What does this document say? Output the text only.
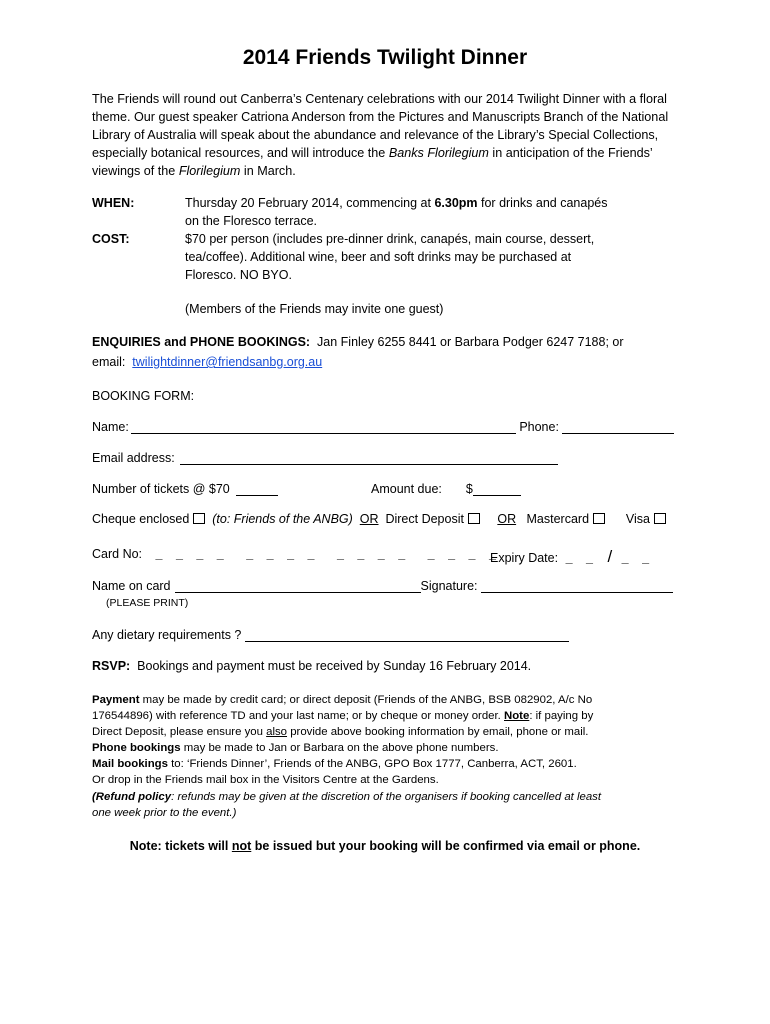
2014 Friends Twilight Dinner
The Friends will round out Canberra’s Centenary celebrations with our 2014 Twilight Dinner with a floral theme. Our guest speaker Catriona Anderson from the Pictures and Manuscripts Branch of the National Library of Australia will speak about the abundance and relevance of the Library’s Special Collections, especially botanical resources, and will introduce the Banks Florilegium in anticipation of the Friends’ viewings of the Florilegium in March.
WHEN:	Thursday 20 February 2014, commencing at 6.30pm for drinks and canapés
on the Floresco terrace.
COST:	$70 per person (includes pre-dinner drink, canapés, main course, dessert,
tea/coffee). Additional wine, beer and soft drinks may be purchased at
Floresco. NO BYO.
(Members of the Friends may invite one guest)
ENQUIRIES and PHONE BOOKINGS: Jan Finley 6255 8441 or Barbara Podger 6247 7188; or
email: twilightdinner@friendsanbg.org.au
BOOKING FORM:
Name:	Phone:
Email address:
Number of tickets @ $70	Amount due: $
Cheque enclosed (to: Friends of the ANBG) OR Direct Deposit	OR Mastercard	Visa
Card No: _ _ _ _ _ _ _ _ _ _ _ _ _ _ _ _
Expiry Date: _ _ / _ _
Name on card	Signature:
(PLEASE PRINT)
Any dietary requirements ?
RSVP: Bookings and payment must be received by Sunday 16 February 2014.
Payment may be made by credit card; or direct deposit (Friends of the ANBG, BSB 082902, A/c No
176544896) with reference TD and your last name; or by cheque or money order. Note: if paying by
Direct Deposit, please ensure you also provide above booking information by email, phone or mail.
Phone bookings may be made to Jan or Barbara on the above phone numbers.
Mail bookings to: ‘Friends Dinner’, Friends of the ANBG, GPO Box 1777, Canberra, ACT, 2601.
Or drop in the Friends mail box in the Visitors Centre at the Gardens.
(Refund policy: refunds may be given at the discretion of the organisers if booking cancelled at least
one week prior to the event.)
Note: tickets will not be issued but your booking will be confirmed via email or phone.
